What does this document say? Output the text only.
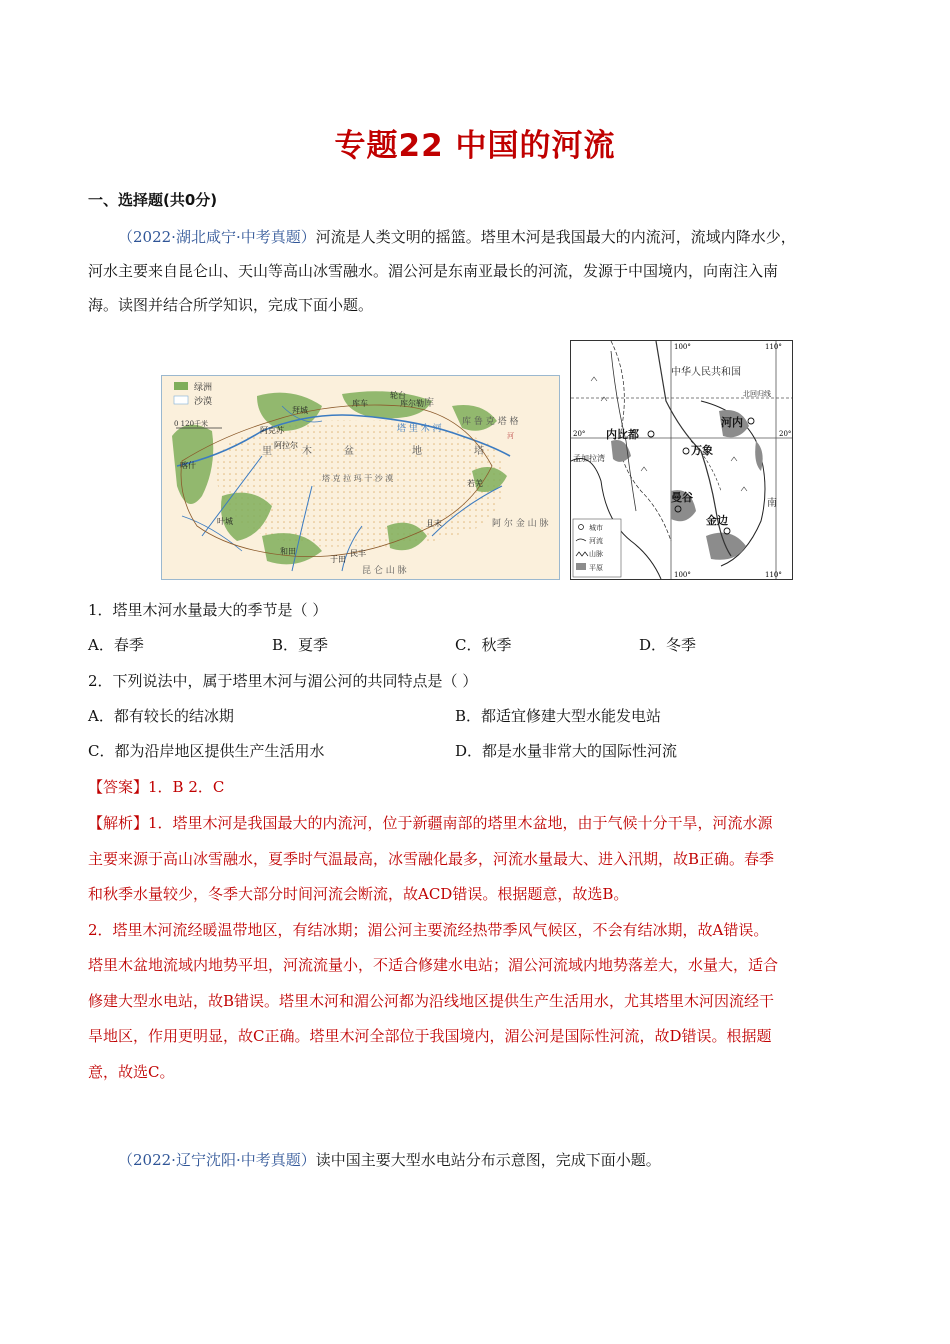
专题22 中国的河流
一、选择题(共0分)
（2022·湖北咸宁·中考真题）河流是人类文明的摇篮。塔里木河是我国最大的内流河，流域内降水少，
河水主要来自昆仑山、天山等高山冰雪融水。湄公河是东南亚最长的河流，发源于中国境内，向南注入南
海。读图并结合所学知识，完成下面小题。
绿洲
沙漠
0 120千米
拜城
阿克苏
库车
轮台
库尔勒
阿拉尔
喀什
叶城
和田
于田
民丰
且末
若羌
河
库
里 木 盆	地	塔
塔 克 拉 玛 干 沙 漠
库 鲁 克 塔 格
昆 仑 山 脉
阿 尔 金 山 脉
塔 里 木 河
100°	110°
100°	110°
20°	20°
中华人民共和国
北回归线
河内
内比都
万象
曼谷
金边
孟加拉湾
南
城市
河流
山脉
平原
1．塔里木河水量最大的季节是（ ）
A．春季	B．夏季	C．秋季	D．冬季
2．下列说法中，属于塔里木河与湄公河的共同特点是（ ）
A．都有较长的结冰期	B．都适宜修建大型水能发电站
C．都为沿岸地区提供生产生活用水	D．都是水量非常大的国际性河流
【答案】1．B 2．C
【解析】1．塔里木河是我国最大的内流河，位于新疆南部的塔里木盆地，由于气候十分干旱，河流水源
主要来源于高山冰雪融水，夏季时气温最高，冰雪融化最多，河流水量最大、进入汛期，故B正确。春季
和秋季水量较少，冬季大部分时间河流会断流，故ACD错误。根据题意，故选B。
2．塔里木河流经暖温带地区，有结冰期；湄公河主要流经热带季风气候区，不会有结冰期，故A错误。
塔里木盆地流域内地势平坦，河流流量小，不适合修建水电站；湄公河流域内地势落差大，水量大，适合
修建大型水电站，故B错误。塔里木河和湄公河都为沿线地区提供生产生活用水，尤其塔里木河因流经干
旱地区，作用更明显，故C正确。塔里木河全部位于我国境内，湄公河是国际性河流，故D错误。根据题
意，故选C。
（2022·辽宁沈阳·中考真题）读中国主要大型水电站分布示意图，完成下面小题。
